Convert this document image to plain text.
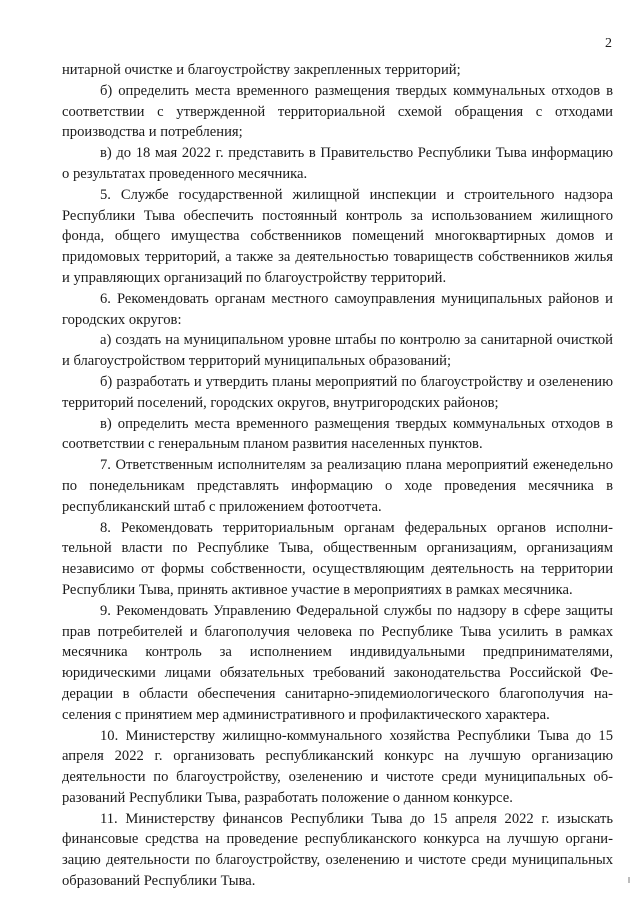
2

нитарной очистке и благоустройству закрепленных территорий;

б) определить места временного размещения твердых коммунальных отходов в соответствии с утвержденной территориальной схемой обращения с отходами производства и потребления;

в) до 18 мая 2022 г. представить в Правительство Республики Тыва информацию о результатах проведенного месячника.

5. Службе государственной жилищной инспекции и строительного надзора Республики Тыва обеспечить постоянный контроль за использованием жилищного фонда, общего имущества собственников помещений многоквартирных домов и придомовых территорий, а также за деятельностью товариществ собственников жилья и управляющих организаций по благоустройству территорий.

6. Рекомендовать органам местного самоуправления муниципальных районов и городских округов:

а) создать на муниципальном уровне штабы по контролю за санитарной очисткой и благоустройством территорий муниципальных образований;

б) разработать и утвердить планы мероприятий по благоустройству и озеленению территорий поселений, городских округов, внутригородских районов;

в) определить места временного размещения твердых коммунальных отходов в соответствии с генеральным планом развития населенных пунктов.

7. Ответственным исполнителям за реализацию плана мероприятий еженeдельно по понедельникам представлять информацию о ходе проведения месячника в республиканский штаб с приложением фотоотчета.

8. Рекомендовать территориальным органам федеральных органов исполнительной власти по Республике Тыва, общественным организациям, организациям независимо от формы собственности, осуществляющим деятельность на территории Республики Тыва, принять активное участие в мероприятиях в рамках месячника.

9. Рекомендовать Управлению Федеральной службы по надзору в сфере защиты прав потребителей и благополучия человека по Республике Тыва усилить в рамках месячника контроль за исполнением индивидуальными предпринимателями, юридическими лицами обязательных требований законодательства Российской Федерации в области обеспечения санитарно-эпидемиологического благополучия населения с принятием мер административного и профилактического характера.

10. Министерству жилищно-коммунального хозяйства Республики Тыва до 15 апреля 2022 г. организовать республиканский конкурс на лучшую организацию деятельности по благоустройству, озеленению и чистоте среди муниципальных образований Республики Тыва, разработать положение о данном конкурсе.

11. Министерству финансов Республики Тыва до 15 апреля 2022 г. изыскать финансовые средства на проведение республиканского конкурса на лучшую организацию деятельности по благоустройству, озеленению и чистоте среди муниципальных образований Республики Тыва.
